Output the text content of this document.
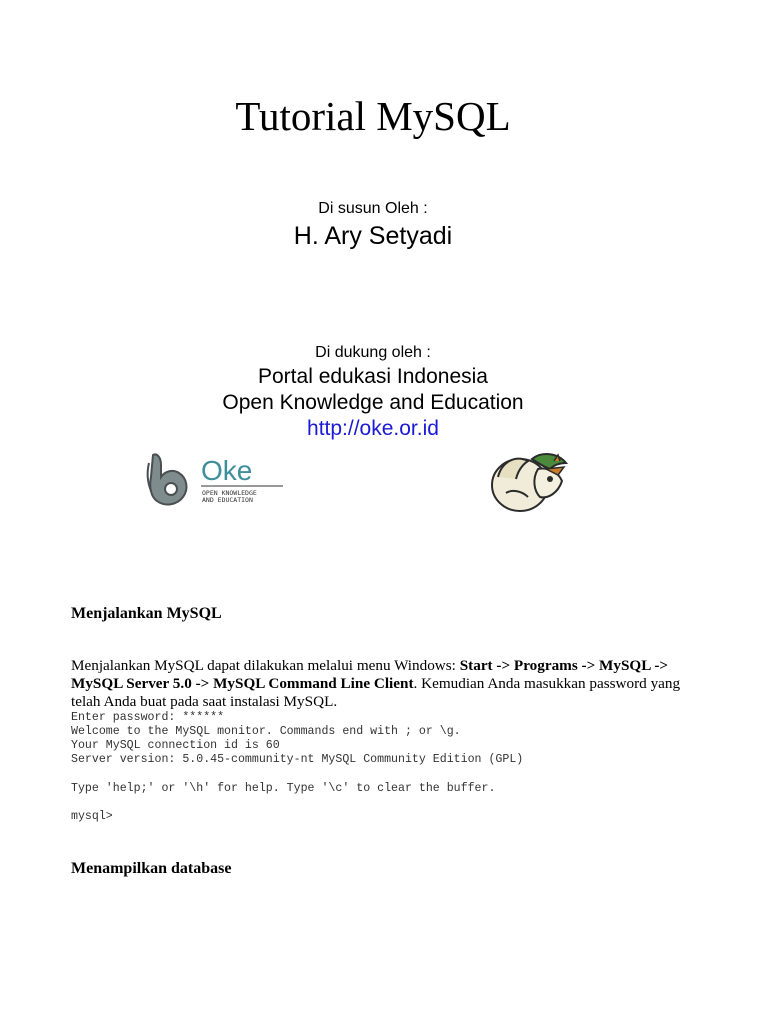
Tutorial MySQL
Di susun Oleh :
H. Ary Setyadi
Di dukung oleh :
Portal edukasi Indonesia
Open Knowledge and Education
http://oke.or.id
Oke
OPEN KNOWLEDGE
AND EDUCATION
Menjalankan MySQL
Menjalankan MySQL dapat dilakukan melalui menu Windows: Start -> Programs -> MySQL -> MySQL Server 5.0 -> MySQL Command Line Client. Kemudian Anda masukkan password yang telah Anda buat pada saat instalasi MySQL.
Enter password: ******
Welcome to the MySQL monitor. Commands end with ; or \g.
Your MySQL connection id is 60
Server version: 5.0.45-community-nt MySQL Community Edition (GPL)
Type 'help;' or '\h' for help. Type '\c' to clear the buffer.
mysql>
Menampilkan database
